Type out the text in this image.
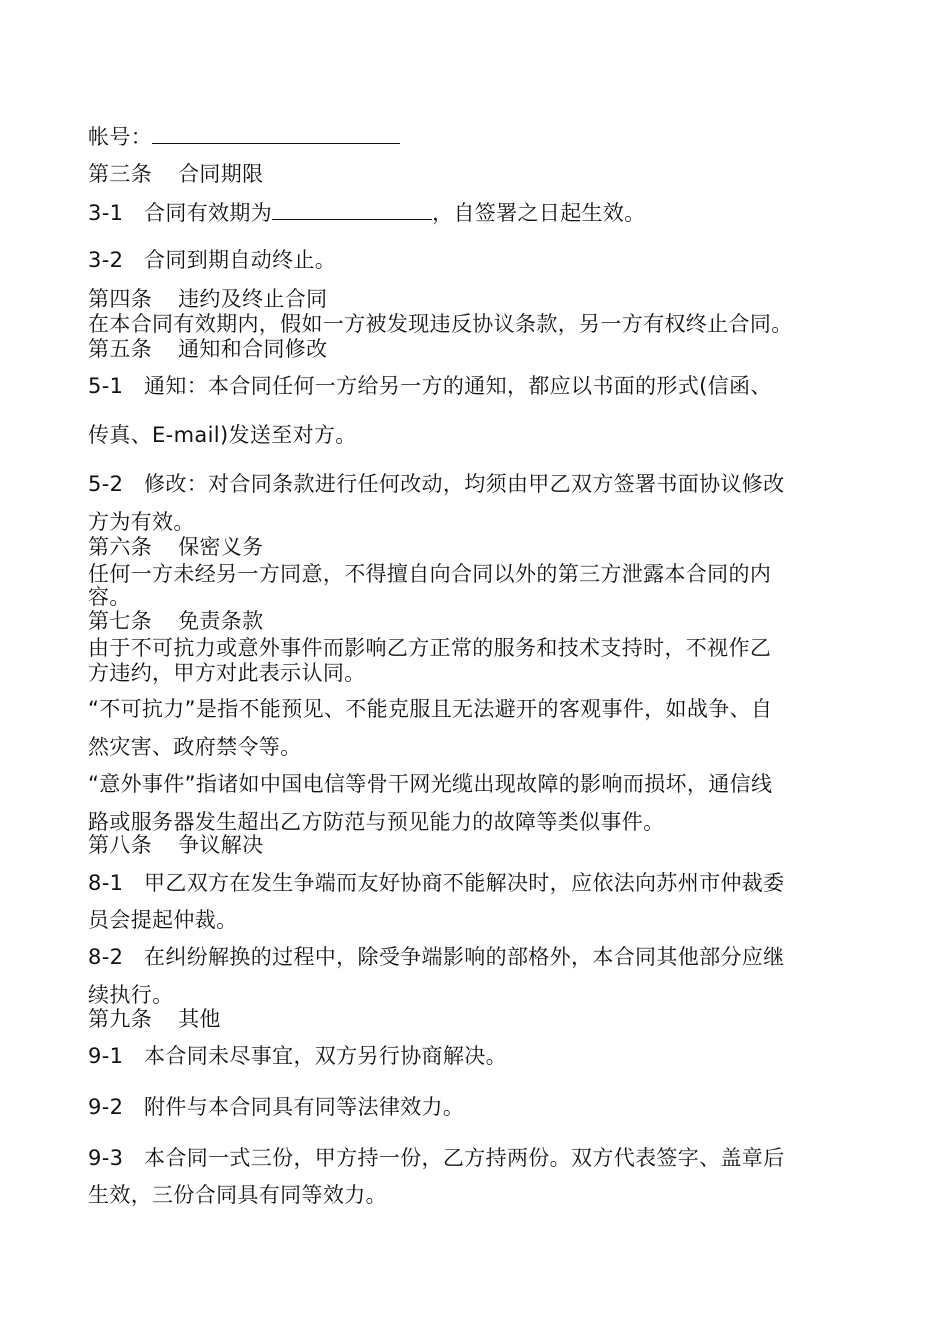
帐号：
第三条 合同期限
3-1 合同有效期为	，自签署之日起生效。
3-2 合同到期自动终止。
第四条 违约及终止合同
在本合同有效期内，假如一方被发现违反协议条款，另一方有权终止合同。
第五条 通知和合同修改
5-1 通知：本合同任何一方给另一方的通知，都应以书面的形式(信函、
传真、E-mail)发送至对方。
5-2 修改：对合同条款进行任何改动，均须由甲乙双方签署书面协议修改
方为有效。
第六条 保密义务
任何一方未经另一方同意，不得擅自向合同以外的第三方泄露本合同的内
容。
第七条 免责条款
由于不可抗力或意外事件而影响乙方正常的服务和技术支持时，不视作乙
方违约，甲方对此表示认同。
“不可抗力”是指不能预见、不能克服且无法避开的客观事件，如战争、自
然灾害、政府禁令等。
“意外事件”指诸如中国电信等骨干网光缆出现故障的影响而损坏，通信线
路或服务器发生超出乙方防范与预见能力的故障等类似事件。
第八条 争议解决
8-1 甲乙双方在发生争端而友好协商不能解决时，应依法向苏州市仲裁委
员会提起仲裁。
8-2 在纠纷解换的过程中，除受争端影响的部格外，本合同其他部分应继
续执行。
第九条 其他
9-1 本合同未尽事宜，双方另行协商解决。
9-2 附件与本合同具有同等法律效力。
9-3 本合同一式三份，甲方持一份，乙方持两份。双方代表签字、盖章后
生效，三份合同具有同等效力。
